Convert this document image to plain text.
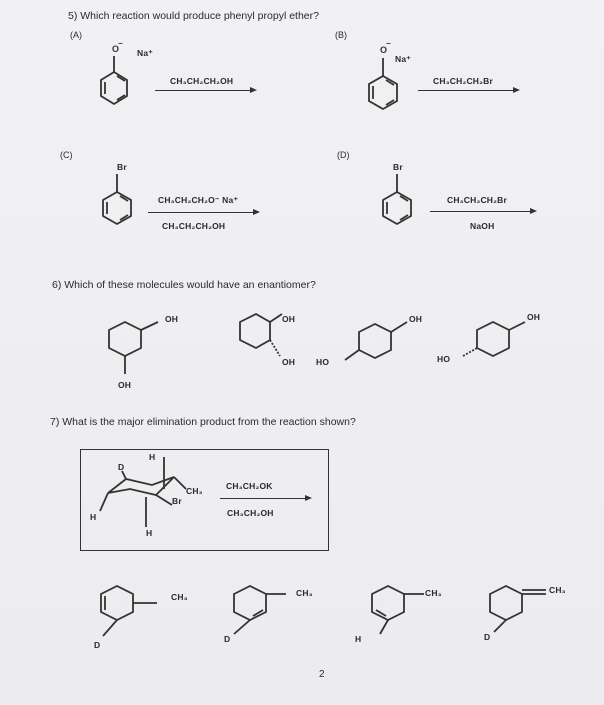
5) Which reaction would produce phenyl propyl ether?
(A)	(B)
O
−
Na⁺
CH₃CH₂CH₂OH
O
−
Na⁺
CH₃CH₂CH₂Br
(C)	(D)
Br
CH₃CH₂CH₂O⁻ Na⁺
CH₃CH₂CH₂OH
Br
CH₃CH₂CH₂Br
NaOH
6) Which of these molecules would have an enantiomer?
OH
OH
OH
OH HO
OH
HO
OH
7) What is the major elimination product from the reaction shown?
H
D
H
H
Br
CH₃	CH₃CH₂OK
CH₃CH₂OH
CH₃
D
CH₃
D
CH₃
H
CH₃
D
2
